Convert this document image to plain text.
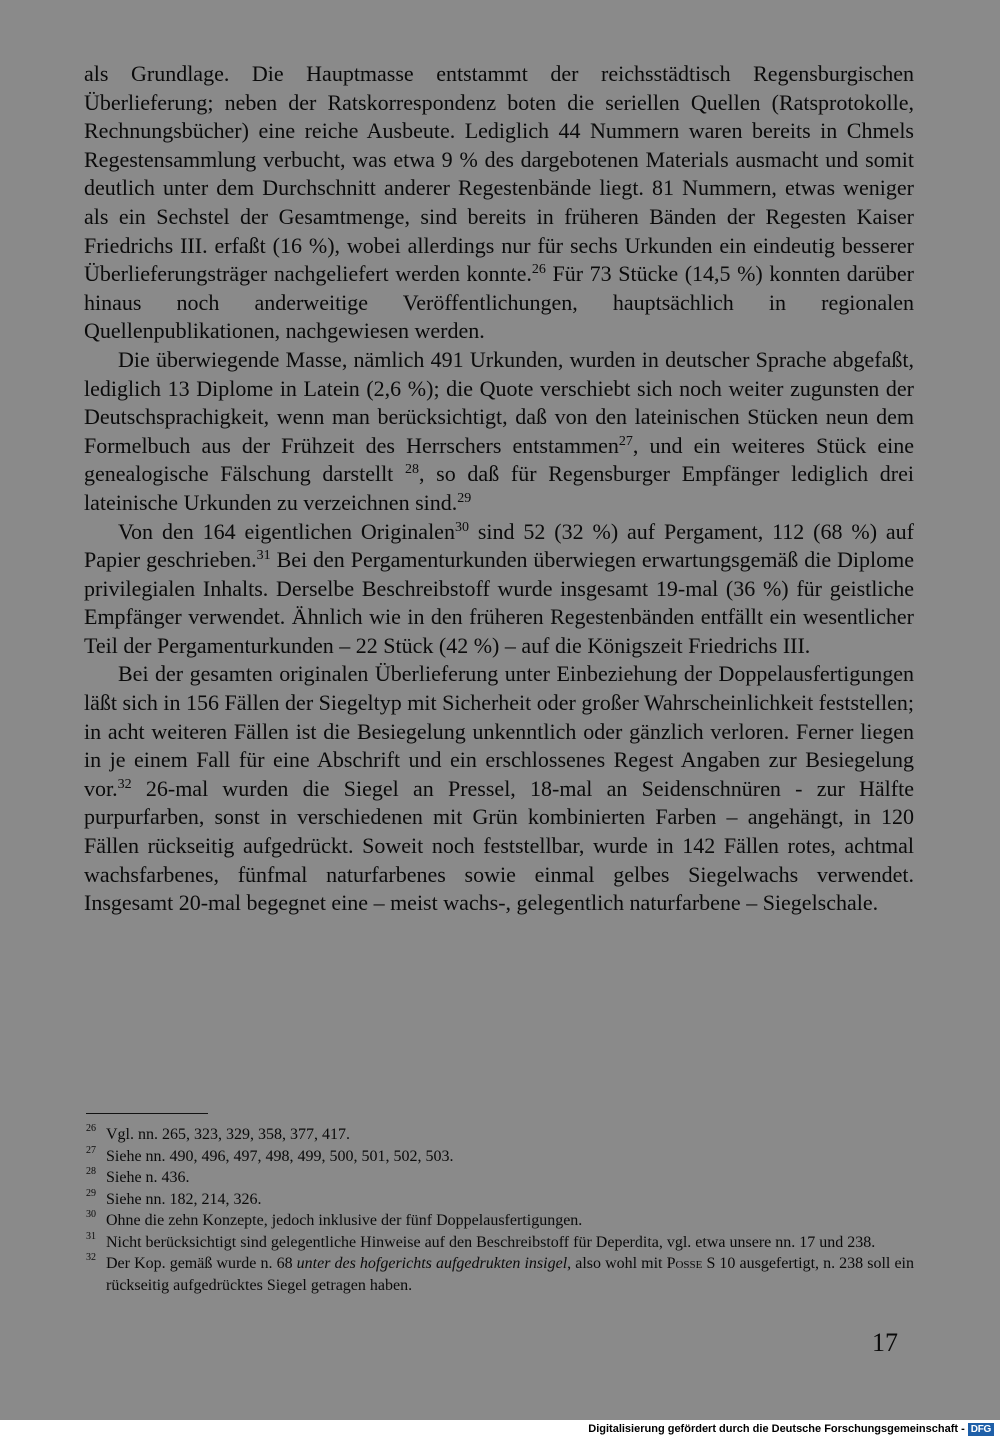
als Grundlage. Die Hauptmasse entstammt der reichsstädtisch Regensburgischen Überlieferung; neben der Ratskorrespondenz boten die seriellen Quellen (Ratsprotokolle, Rechnungsbücher) eine reiche Ausbeute. Lediglich 44 Nummern waren bereits in Chmels Regestensammlung verbucht, was etwa 9 % des dargebotenen Materials ausmacht und somit deutlich unter dem Durchschnitt anderer Regestenbände liegt. 81 Nummern, etwas weniger als ein Sechstel der Gesamtmenge, sind bereits in früheren Bänden der Regesten Kaiser Friedrichs III. erfaßt (16 %), wobei allerdings nur für sechs Urkunden ein eindeutig besserer Überlieferungsträger nachgeliefert werden konnte.$^{26}$ Für 73 Stücke (14,5 %) konnten darüber hinaus noch anderweitige Veröffentlichungen, hauptsächlich in regionalen Quellenpublikationen, nachgewiesen werden.

Die überwiegende Masse, nämlich 491 Urkunden, wurden in deutscher Sprache abgefaßt, lediglich 13 Diplome in Latein (2,6 %); die Quote verschiebt sich noch weiter zugunsten der Deutschsprachigkeit, wenn man berücksichtigt, daß von den lateinischen Stücken neun dem Formelbuch aus der Frühzeit des Herrschers entstammen$^{27}$, und ein weiteres Stück eine genealogische Fälschung darstellt $^{28}$, so daß für Regensburger Empfänger lediglich drei lateinische Urkunden zu verzeichnen sind.$^{29}$

Von den 164 eigentlichen Originalen$^{30}$ sind 52 (32 %) auf Pergament, 112 (68 %) auf Papier geschrieben.$^{31}$ Bei den Pergamenturkunden überwiegen erwartungsgemäß die Diplome privilegialen Inhalts. Derselbe Beschreibstoff wurde insgesamt 19-mal (36 %) für geistliche Empfänger verwendet. Ähnlich wie in den früheren Regestenbänden entfällt ein wesentlicher Teil der Pergamenturkunden – 22 Stück (42 %) – auf die Königszeit Friedrichs III.

Bei der gesamten originalen Überlieferung unter Einbeziehung der Doppelausfertigungen läßt sich in 156 Fällen der Siegeltyp mit Sicherheit oder großer Wahrscheinlichkeit feststellen; in acht weiteren Fällen ist die Besiegelung unkenntlich oder gänzlich verloren. Ferner liegen in je einem Fall für eine Abschrift und ein erschlossenes Regest Angaben zur Besiegelung vor.$^{32}$ 26-mal wurden die Siegel an Pressel, 18-mal an Seidenschnüren - zur Hälfte purpurfarben, sonst in verschiedenen mit Grün kombinierten Farben – angehängt, in 120 Fällen rückseitig aufgedrückt. Soweit noch feststellbar, wurde in 142 Fällen rotes, achtmal wachsfarbenes, fünfmal naturfarbenes sowie einmal gelbes Siegelwachs verwendet. Insgesamt 20-mal begegnet eine – meist wachs-, gelegentlich naturfarbene – Siegelschale.

26 Vgl. nn. 265, 323, 329, 358, 377, 417.
27 Siehe nn. 490, 496, 497, 498, 499, 500, 501, 502, 503.
28 Siehe n. 436.
29 Siehe nn. 182, 214, 326.
30 Ohne die zehn Konzepte, jedoch inklusive der fünf Doppelausfertigungen.
31 Nicht berücksichtigt sind gelegentliche Hinweise auf den Beschreibstoff für Deperdita, vgl. etwa unsere nn. 17 und 238.
32 Der Kop. gemäß wurde n. 68 unter des hofgerichts aufgedrukten insigel, also wohl mit Posse S 10 ausgefertigt, n. 238 soll ein rückseitig aufgedrücktes Siegel getragen haben.
17
Digitalisierung gefördert durch die Deutsche Forschungsgemeinschaft - DFG
